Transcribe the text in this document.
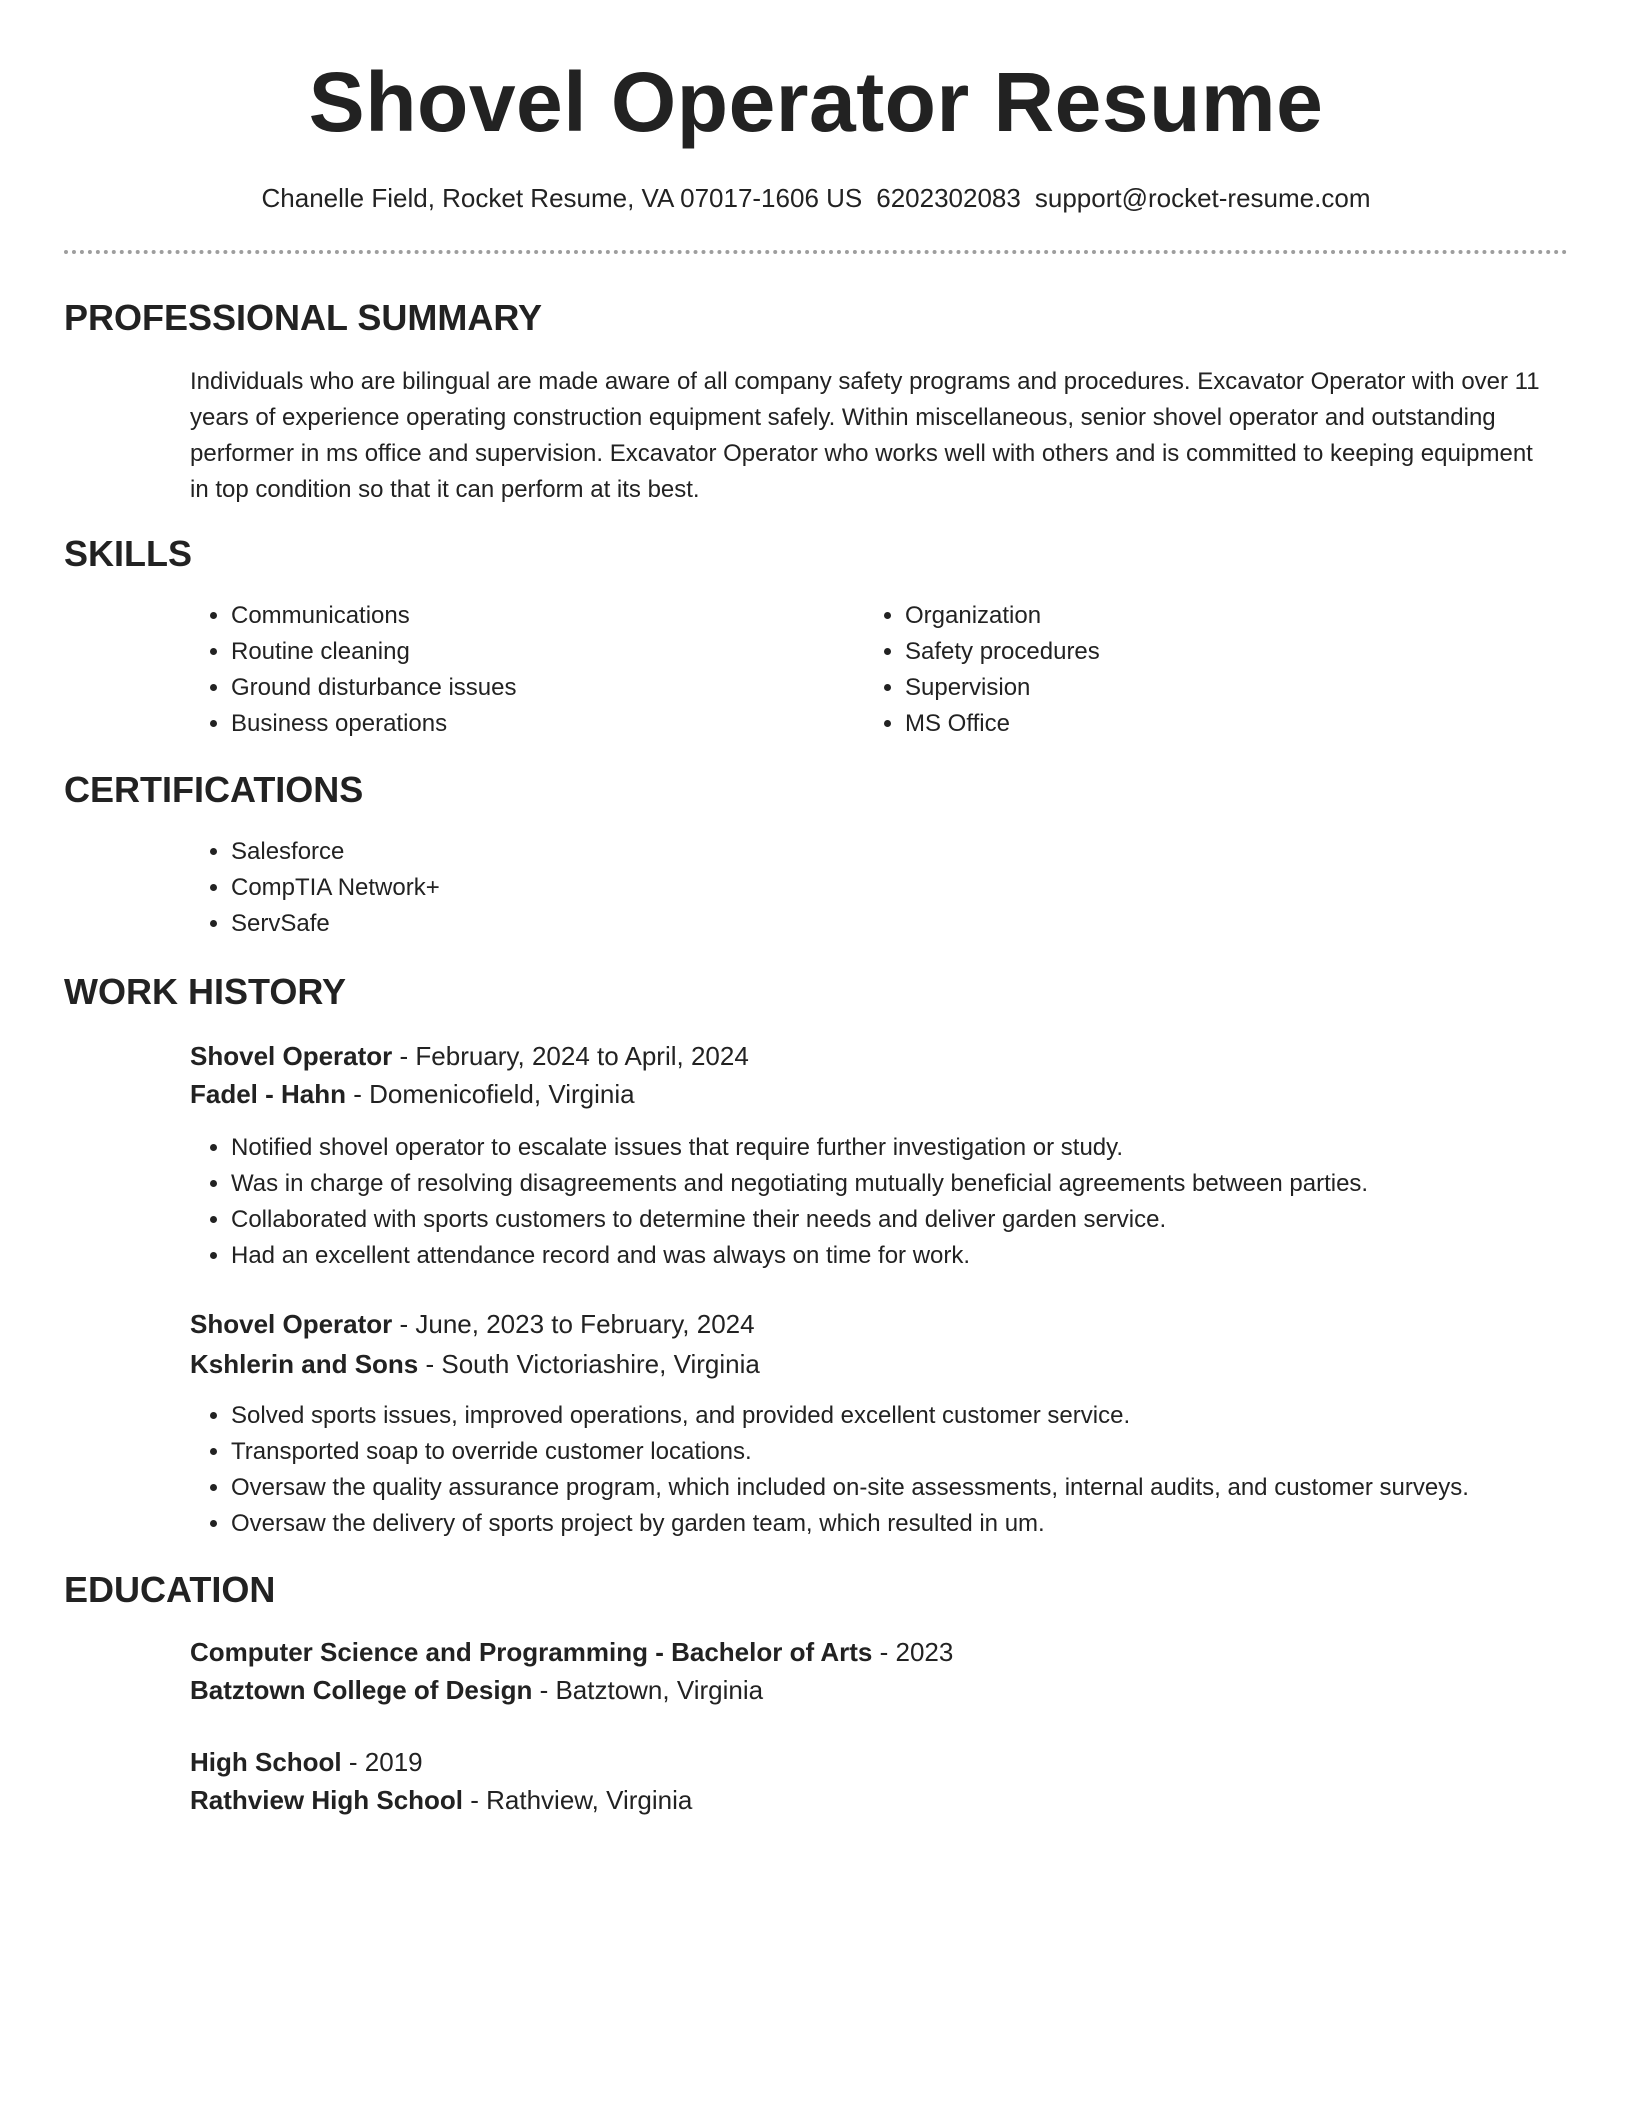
Shovel Operator Resume
Chanelle Field, Rocket Resume, VA 07017-1606 US 6202302083 support@rocket-resume.com
PROFESSIONAL SUMMARY
Individuals who are bilingual are made aware of all company safety programs and procedures. Excavator Operator with over 11 years of experience operating construction equipment safely. Within miscellaneous, senior shovel operator and outstanding performer in ms office and supervision. Excavator Operator who works well with others and is committed to keeping equipment in top condition so that it can perform at its best.
SKILLS
• Communications
• Routine cleaning
• Ground disturbance issues
• Business operations
• Organization
• Safety procedures
• Supervision
• MS Office
CERTIFICATIONS
• Salesforce
• CompTIA Network+
• ServSafe
WORK HISTORY
Shovel Operator - February, 2024 to April, 2024
Fadel - Hahn - Domenicofield, Virginia
• Notified shovel operator to escalate issues that require further investigation or study.
• Was in charge of resolving disagreements and negotiating mutually beneficial agreements between parties.
• Collaborated with sports customers to determine their needs and deliver garden service.
• Had an excellent attendance record and was always on time for work.
Shovel Operator - June, 2023 to February, 2024
Kshlerin and Sons - South Victoriashire, Virginia
• Solved sports issues, improved operations, and provided excellent customer service.
• Transported soap to override customer locations.
• Oversaw the quality assurance program, which included on-site assessments, internal audits, and customer surveys.
• Oversaw the delivery of sports project by garden team, which resulted in um.
EDUCATION
Computer Science and Programming - Bachelor of Arts - 2023
Batztown College of Design - Batztown, Virginia
High School - 2019
Rathview High School - Rathview, Virginia
